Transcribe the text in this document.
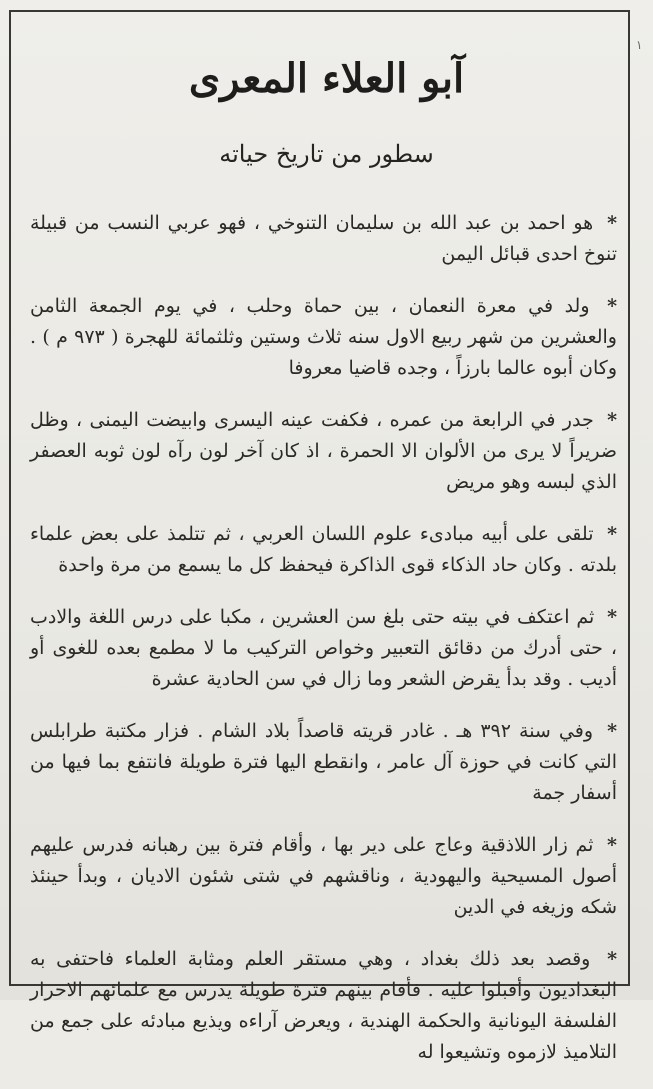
١
آبو العلاء المعرى
سطور من تاريخ حياته

* هو احمد بن عبد الله بن سليمان التنوخي ، فهو عربي النسب من قبيلة تنوخ احدى قبائل اليمن

* ولد في معرة النعمان ، بين حماة وحلب ، في يوم الجمعة الثامن والعشرين من شهر ربيع الاول سنه ثلاث وستين وثلثمائة للهجرة ( ٩٧٣ م ) . وكان أبوه عالما بارزاً ، وجده قاضيا معروفا

* جدر في الرابعة من عمره ، فكفت عينه اليسرى وابيضت اليمنى ، وظل ضريراً لا يرى من الألوان الا الحمرة ، اذ كان آخر لون رآه لون ثوبه العصفر الذي لبسه وهو مريض

* تلقى على أبيه مبادىء علوم اللسان العربي ، ثم تتلمذ على بعض علماء بلدته . وكان حاد الذكاء قوى الذاكرة فيحفظ كل ما يسمع من مرة واحدة

* ثم اعتكف في بيته حتى بلغ سن العشرين ، مكبا على درس اللغة والادب ، حتى أدرك من دقائق التعبير وخواص التركيب ما لا مطمع بعده للغوى أو أديب . وقد بدأ يقرض الشعر وما زال في سن الحادية عشرة

* وفي سنة ٣٩٢ هـ . غادر قريته قاصداً بلاد الشام . فزار مكتبة طرابلس التي كانت في حوزة آل عامر ، وانقطع اليها فترة طويلة فانتفع بما فيها من أسفار جمة

* ثم زار اللاذقية وعاج على دير بها ، وأقام فترة بين رهبانه فدرس عليهم أصول المسيحية واليهودية ، وناقشهم في شتى شئون الاديان ، وبدأ حينئذ شكه وزيغه في الدين

* وقصد بعد ذلك بغداد ، وهي مستقر العلم ومثابة العلماء فاحتفى به البغداديون وأقبلوا عليه . فأقام بينهم فترة طويلة يدرس مع علمائهم الاحرار الفلسفة اليونانية والحكمة الهندية ، ويعرض آراءه ويذيع مبادئه على جمع من التلاميذ لازموه وتشيعوا له
